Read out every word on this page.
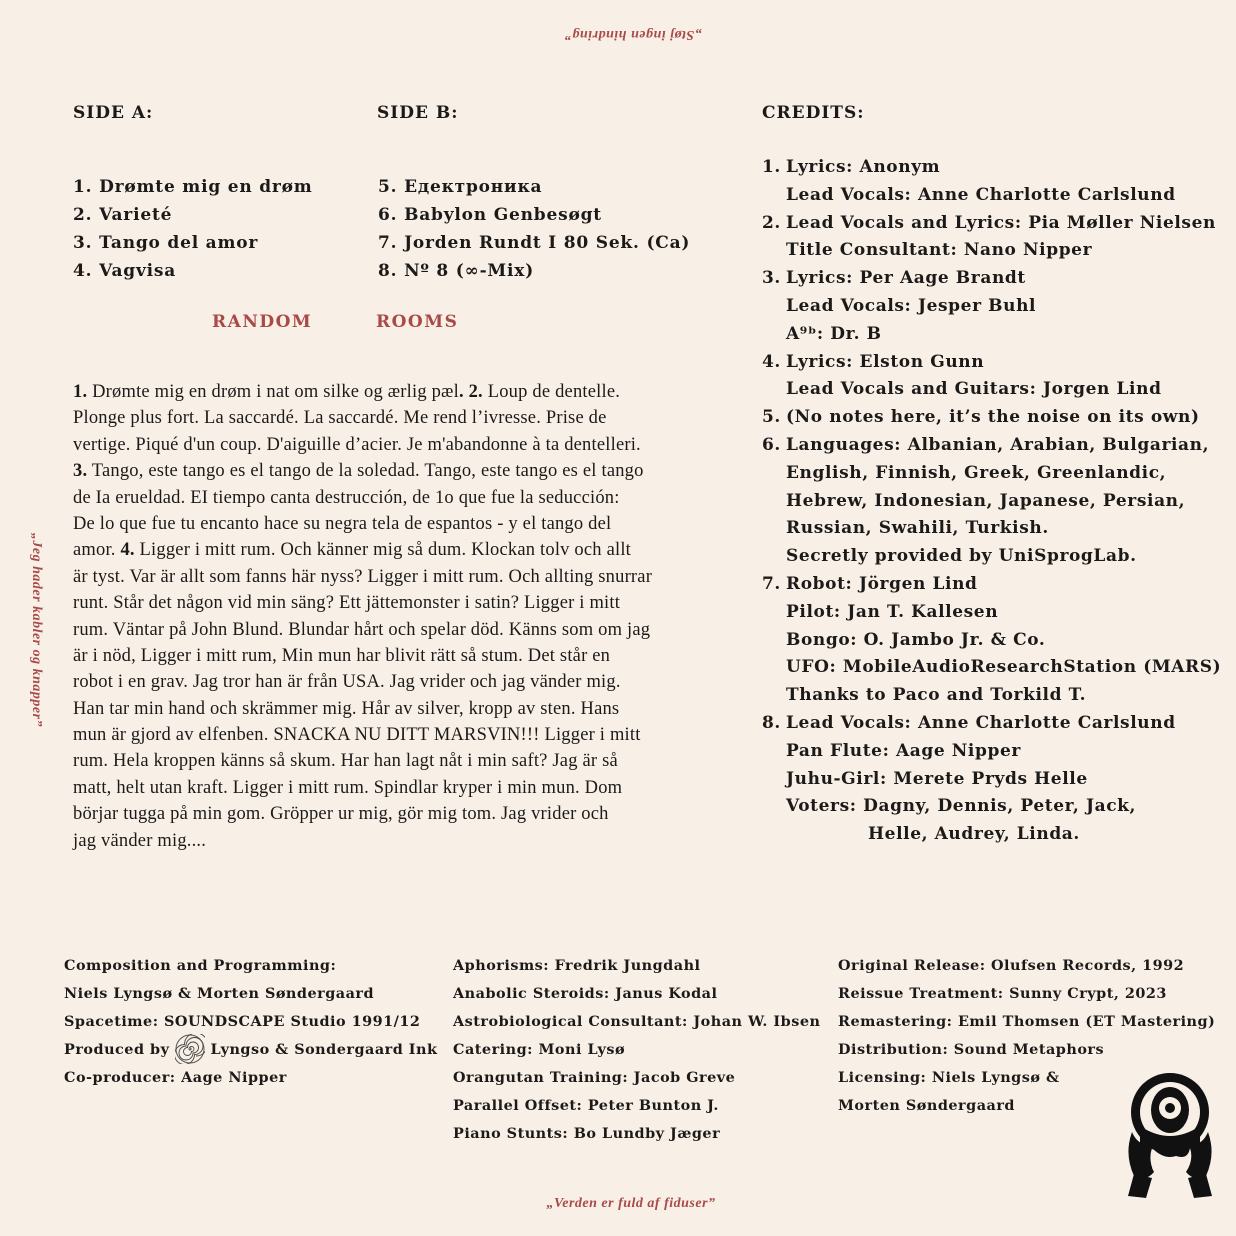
„Støj ingen hindring”
„Jeg hader kabler og knapper”
„Verden er fuld af fiduser”
SIDE A:
1. Drømte mig en drøm
2. Varieté
3. Tango del amor
4. Vagvisa
SIDE B:
5. Едектроника
6. Babylon Genbesøgt
7. Jorden Rundt I 80 Sek. (Ca)
8. Nº 8 (∞-Mix)
RANDOM	ROOMS
1. Drømte mig en drøm i nat om silke og ærlig pæl. 2. Loup de dentelle.
Plonge plus fort. La saccardé. La saccardé. Me rend l’ivresse. Prise de
vertige. Piqué d'un coup. D'aiguille d’acier. Je m'abandonne à ta dentelleri.
3. Tango, este tango es el tango de la soledad. Tango, este tango es el tango
de Ia erueldad. EI tiempo canta destrucción, de 1o que fue la seducción:
De lo que fue tu encanto hace su negra tela de espantos - y el tango del
amor. 4. Ligger i mitt rum. Och känner mig så dum. Klockan tolv och allt
är tyst. Var är allt som fanns här nyss? Ligger i mitt rum. Och allting snurrar
runt. Står det någon vid min säng? Ett jättemonster i satin? Ligger i mitt
rum. Väntar på John Blund. Blundar hårt och spelar död. Känns som om jag
är i nöd, Ligger i mitt rum, Min mun har blivit rätt så stum. Det står en
robot i en grav. Jag tror han är från USA. Jag vrider och jag vänder mig.
Han tar min hand och skrämmer mig. Hår av silver, kropp av sten. Hans
mun är gjord av elfenben. SNACKA NU DITT MARSVIN!!! Ligger i mitt
rum. Hela kroppen känns så skum. Har han lagt nåt i min saft? Jag är så
matt, helt utan kraft. Ligger i mitt rum. Spindlar kryper i min mun. Dom
börjar tugga på min gom. Gröpper ur mig, gör mig tom. Jag vrider och
jag vänder mig....
CREDITS:
1. Lyrics: Anonym
Lead Vocals: Anne Charlotte Carlslund
2. Lead Vocals and Lyrics: Pia Møller Nielsen
Title Consultant: Nano Nipper
3. Lyrics: Per Aage Brandt
Lead Vocals: Jesper Buhl
A⁹ᵇ: Dr. B
4. Lyrics: Elston Gunn
Lead Vocals and Guitars: Jorgen Lind
5. (No notes here, it’s the noise on its own)
6. Languages: Albanian, Arabian, Bulgarian,
English, Finnish, Greek, Greenlandic,
Hebrew, Indonesian, Japanese, Persian,
Russian, Swahili, Turkish.
Secretly provided by UniSprogLab.
7. Robot: Jörgen Lind
Pilot: Jan T. Kallesen
Bongo: O. Jambo Jr. & Co.
UFO: MobileAudioResearchStation (MARS)
Thanks to Paco and Torkild T.
8. Lead Vocals: Anne Charlotte Carlslund
Pan Flute: Aage Nipper
Juhu-Girl: Merete Pryds Helle
Voters: Dagny, Dennis, Peter, Jack,
Helle, Audrey, Linda.
Composition and Programming:
Niels Lyngsø & Morten Søndergaard
Spacetime: SOUNDSCAPE Studio 1991/12
Produced by	Lyngso & Sondergaard Ink
Co-producer: Aage Nipper
Aphorisms: Fredrik Jungdahl
Anabolic Steroids: Janus Kodal
Astrobiological Consultant: Johan W. Ibsen
Catering: Moni Lysø
Orangutan Training: Jacob Greve
Parallel Offset: Peter Bunton J.
Piano Stunts: Bo Lundby Jæger
Original Release: Olufsen Records, 1992
Reissue Treatment: Sunny Crypt, 2023
Remastering: Emil Thomsen (ET Mastering)
Distribution: Sound Metaphors
Licensing: Niels Lyngsø &
Morten Søndergaard
